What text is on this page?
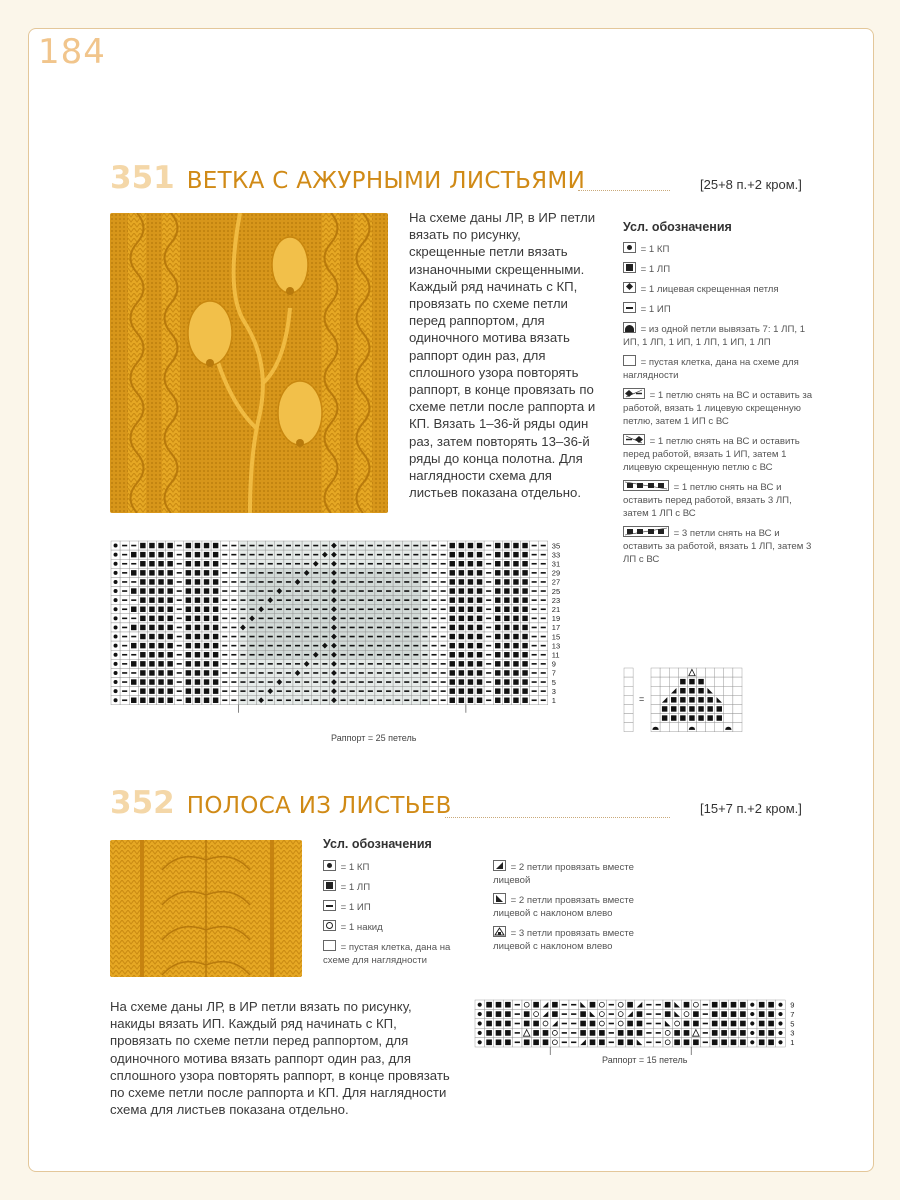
184
351 ВЕТКА С АЖУРНЫМИ ЛИСТЬЯМИ	[25+8 п.+2 кром.]
На схеме даны ЛР, в ИР петли вязать по рисунку, скрещенные петли вязать изнаночными скрещенными. Каждый ряд начинать с КП, провязать по схеме петли перед раппортом, для одиночного мотива вязать раппорт один раз, для сплошного узора повторять раппорт, в конце провязать по схеме петли после раппорта и КП. Вязать 1–36-й ряды один раз, затем повторять 13–36-й ряды до конца полотна. Для наглядности схема для листьев показана отдельно.
Усл. обозначения
= 1 КП
= 1 ЛП
= 1 лицевая скрещенная петля
= 1 ИП
= из одной петли вывязать 7: 1 ЛП, 1 ИП, 1 ЛП, 1 ИП, 1 ЛП, 1 ИП, 1 ЛП
= пустая клетка, дана на схеме для наглядности
= 1 петлю снять на ВС и оставить за работой, вязать 1 лицевую скрещенную петлю, затем 1 ИП с ВС
= 1 петлю снять на ВС и оставить перед работой, вязать 1 ИП, затем 1 лицевую скрещенную петлю с ВС
= 1 петлю снять на ВС и оставить перед работой, вязать 3 ЛП, затем 1 ЛП с ВС
= 3 петли снять на ВС и оставить за работой, вязать 1 ЛП, затем 3 ЛП с ВС
35
33
31
29
27
25
23
21
19
17
15
13
11
9
7
5
3
1
Раппорт = 25 петель
=
352 ПОЛОСА ИЗ ЛИСТЬЕВ	[15+7 п.+2 кром.]
Усл. обозначения
= 1 КП
= 1 ЛП
= 1 ИП
= 1 накид
= пустая клетка, дана на схеме для наглядности
= 2 петли провязать вместе лицевой
= 2 петли провязать вместе лицевой с наклоном влево
= 3 петли провязать вместе лицевой с наклоном влево
На схеме даны ЛР, в ИР петли вязать по рисунку, накиды вязать ИП. Каждый ряд начинать с КП, провязать по схеме петли перед раппортом, для одиночного мотива вязать раппорт один раз, для сплошного узора повторять раппорт, в конце провязать по схеме петли после раппорта и КП. Для наглядности схема для листьев показана отдельно.
9
7
5
3
1
Раппорт = 15 петель
